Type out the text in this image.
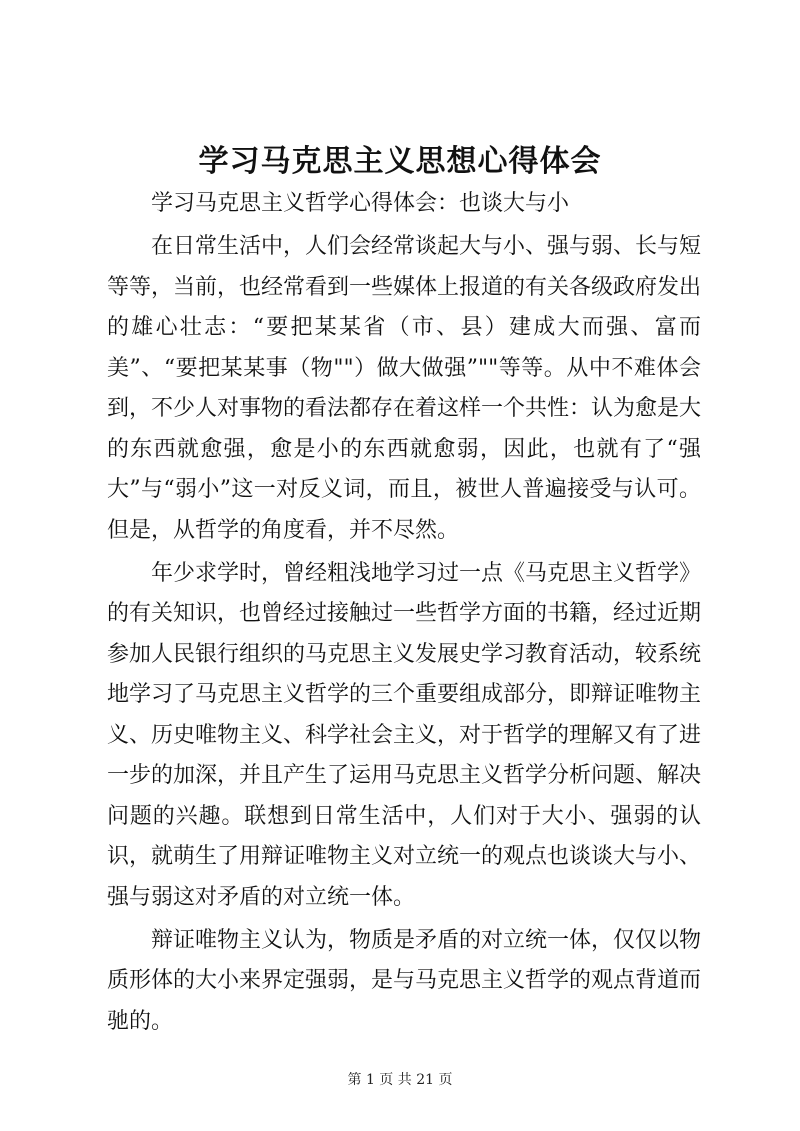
学习马克思主义思想心得体会

学习马克思主义哲学心得体会：也谈大与小

在日常生活中，人们会经常谈起大与小、强与弱、长与短等等，当前，也经常看到一些媒体上报道的有关各级政府发出的雄心壮志：“要把某某省（市、县）建成大而强、富而美”、“要把某某事（物""）做大做强”""等等。从中不难体会到，不少人对事物的看法都存在着这样一个共性：认为愈是大的东西就愈强，愈是小的东西就愈弱，因此，也就有了“强大”与“弱小”这一对反义词，而且，被世人普遍接受与认可。但是，从哲学的角度看，并不尽然。

年少求学时，曾经粗浅地学习过一点《马克思主义哲学》的有关知识，也曾经过接触过一些哲学方面的书籍，经过近期参加人民银行组织的马克思主义发展史学习教育活动，较系统地学习了马克思主义哲学的三个重要组成部分，即辩证唯物主义、历史唯物主义、科学社会主义，对于哲学的理解又有了进一步的加深，并且产生了运用马克思主义哲学分析问题、解决问题的兴趣。联想到日常生活中，人们对于大小、强弱的认识，就萌生了用辩证唯物主义对立统一的观点也谈谈大与小、强与弱这对矛盾的对立统一体。

辩证唯物主义认为，物质是矛盾的对立统一体，仅仅以物质形体的大小来界定强弱，是与马克思主义哲学的观点背道而驰的。

第 1 页 共 21 页
